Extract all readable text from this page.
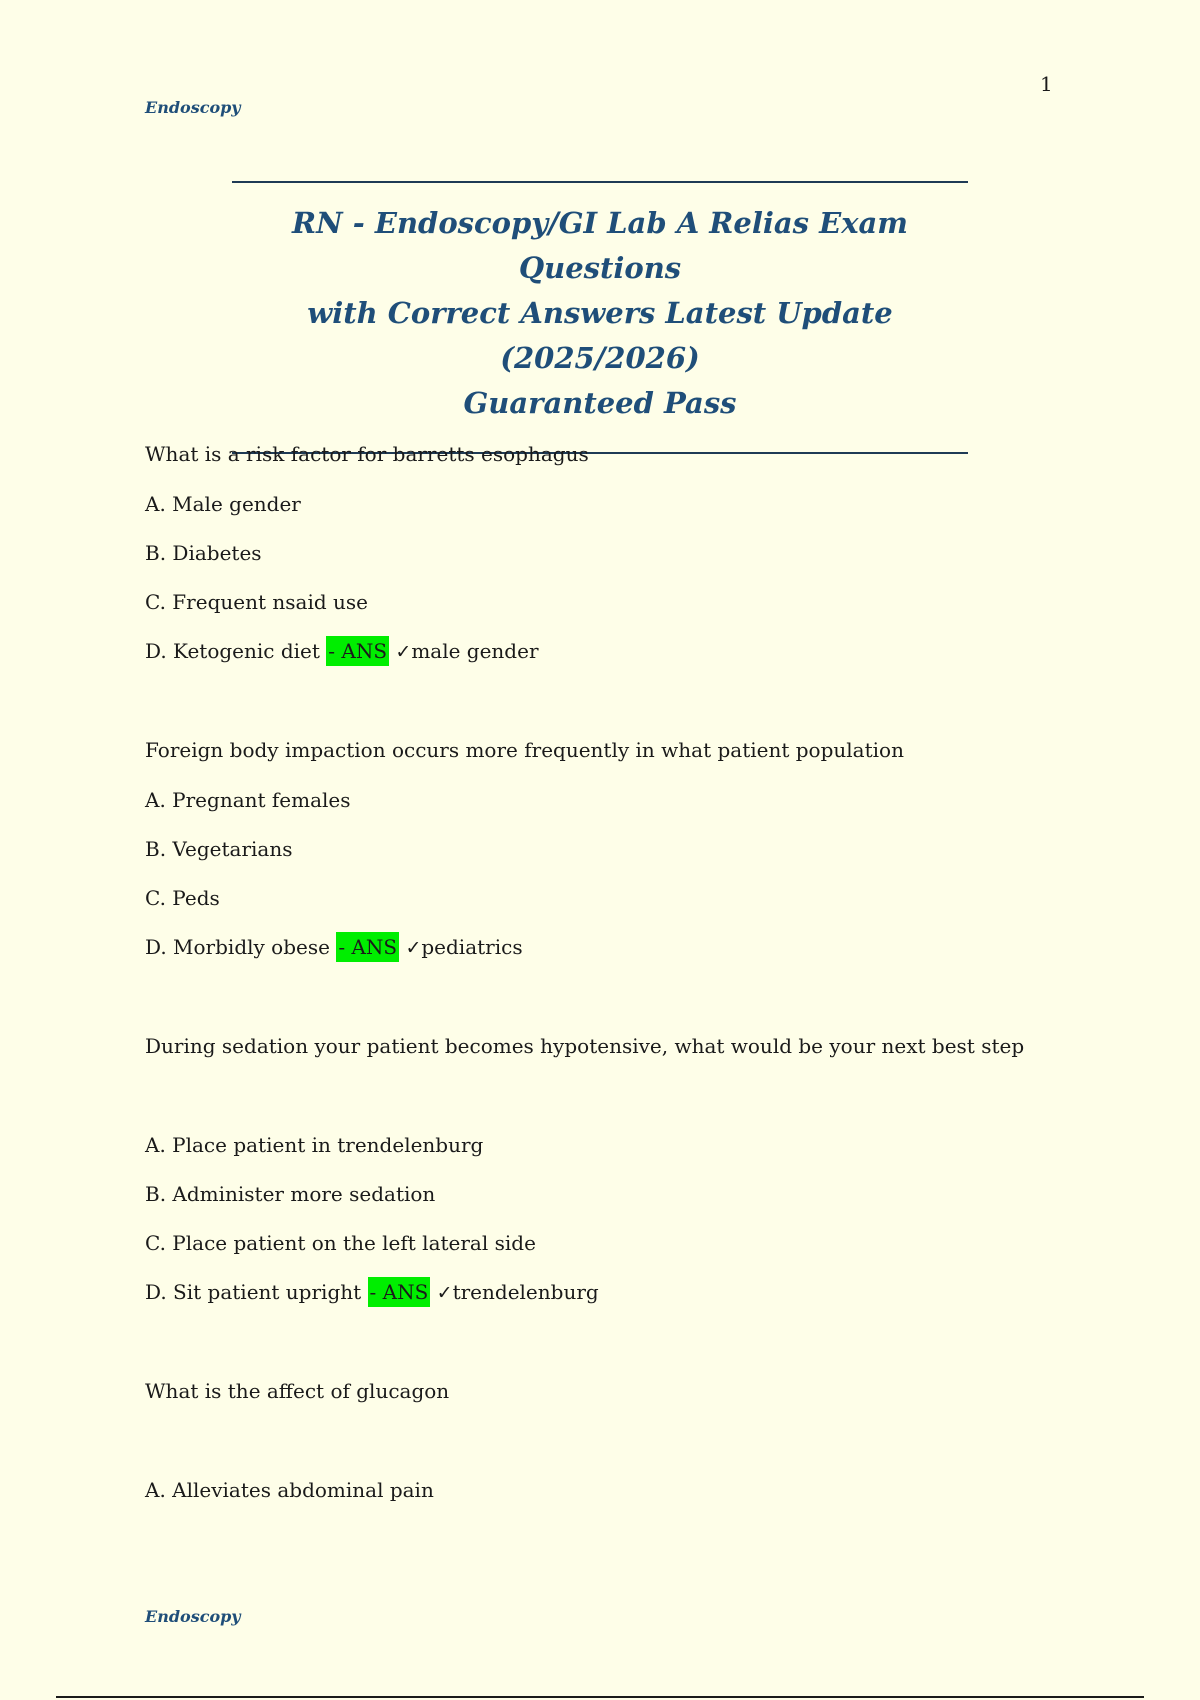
1
Endoscopy
RN - Endoscopy/GI Lab A Relias Exam Questions
with Correct Answers Latest Update (2025/2026)
Guaranteed Pass
What is a risk factor for barretts esophagus
A. Male gender
B. Diabetes
C. Frequent nsaid use
D. Ketogenic diet - ANS ✓male gender
Foreign body impaction occurs more frequently in what patient population
A. Pregnant females
B. Vegetarians
C. Peds
D. Morbidly obese - ANS ✓pediatrics
During sedation your patient becomes hypotensive, what would be your next best step
A. Place patient in trendelenburg
B. Administer more sedation
C. Place patient on the left lateral side
D. Sit patient upright - ANS ✓trendelenburg
What is the affect of glucagon
A. Alleviates abdominal pain
Endoscopy
